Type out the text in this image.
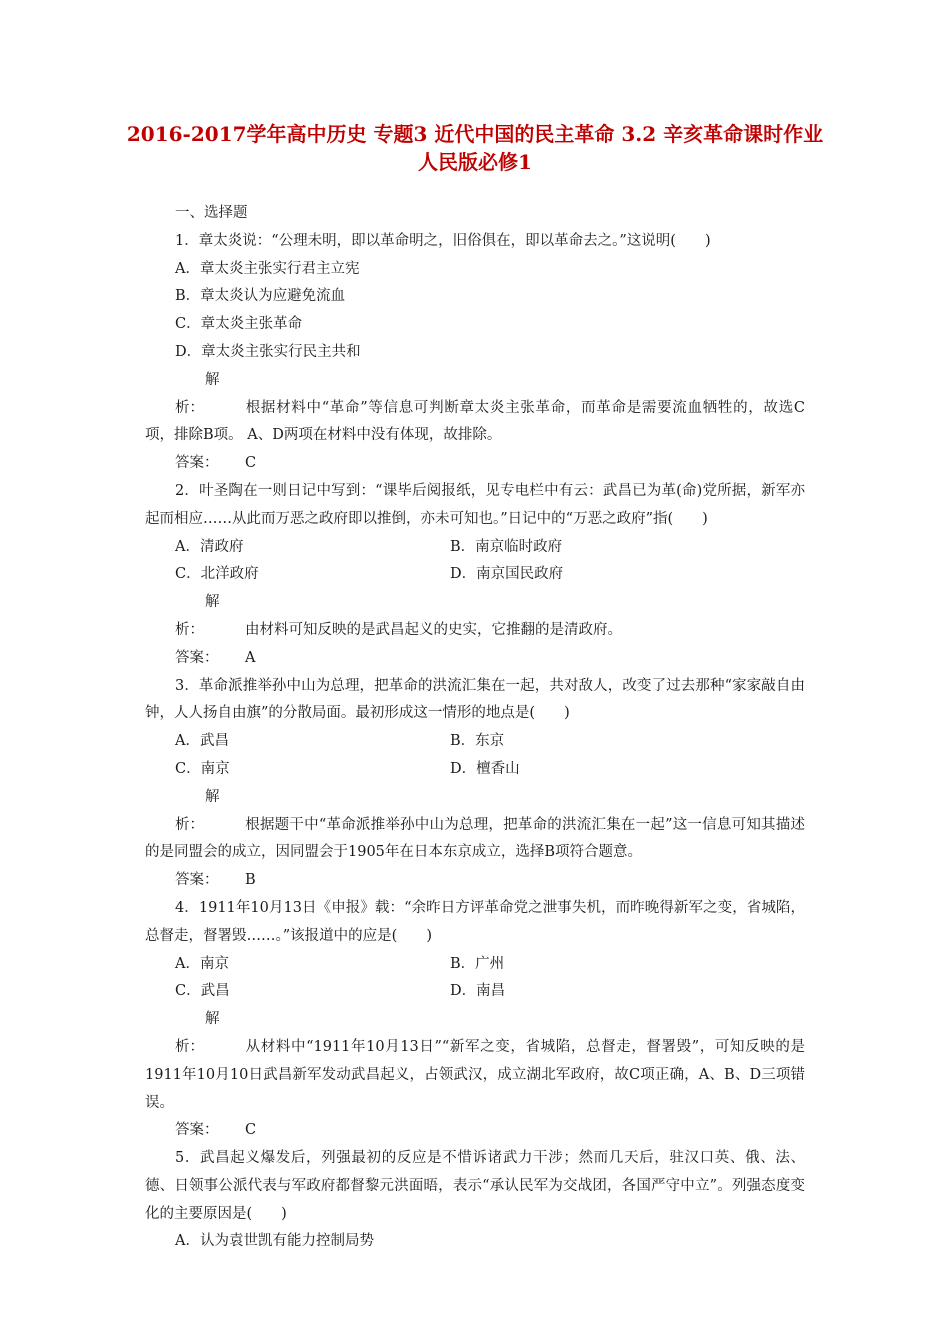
2016-2017学年高中历史 专题3 近代中国的民主革命 3.2 辛亥革命课时作业 人民版必修1

一、选择题

1．章太炎说：“公理未明，即以革命明之，旧俗俱在，即以革命去之。”这说明(　　)

A．章太炎主张实行君主立宪

B．章太炎认为应避免流血

C．章太炎主张革命

D．章太炎主张实行民主共和

解析：	根据材料中“革命”等信息可判断章太炎主张革命，而革命是需要流血牺牲的，故选C项，排除B项。 A、D两项在材料中没有体现，故排除。

答案： C

2．叶圣陶在一则日记中写到：“课毕后阅报纸，见专电栏中有云：武昌已为革(命)党所据，新军亦起而相应……从此而万恶之政府即以推倒，亦未可知也。”日记中的“万恶之政府”指(　　)

A．清政府	B．南京临时政府
C．北洋政府	D．南京国民政府

解析：	由材料可知反映的是武昌起义的史实，它推翻的是清政府。

答案： A

3．革命派推举孙中山为总理，把革命的洪流汇集在一起，共对敌人，改变了过去那种“家家敲自由钟，人人扬自由旗”的分散局面。最初形成这一情形的地点是(　　)

A．武昌	B．东京
C．南京	D．檀香山

解析：	根据题干中“革命派推举孙中山为总理，把革命的洪流汇集在一起”这一信息可知其描述的是同盟会的成立，因同盟会于1905年在日本东京成立，选择B项符合题意。

答案： B

4．1911年10月13日《申报》载：“余昨日方评革命党之泄事失机，而昨晚得新军之变，省城陷，总督走，督署毁……。”该报道中的应是(　　)

A．南京	B．广州
C．武昌	D．南昌

解析：	从材料中“1911年10月13日”“新军之变，省城陷，总督走，督署毁”，可知反映的是1911年10月10日武昌新军发动武昌起义，占领武汉，成立湖北军政府，故C项正确，A、B、D三项错误。

答案： C

5．武昌起义爆发后，列强最初的反应是不惜诉诸武力干涉；然而几天后，驻汉口英、俄、法、德、日领事公派代表与军政府都督黎元洪面晤，表示“承认民军为交战团，各国严守中立”。列强态度变化的主要原因是(　　)

A．认为袁世凯有能力控制局势
